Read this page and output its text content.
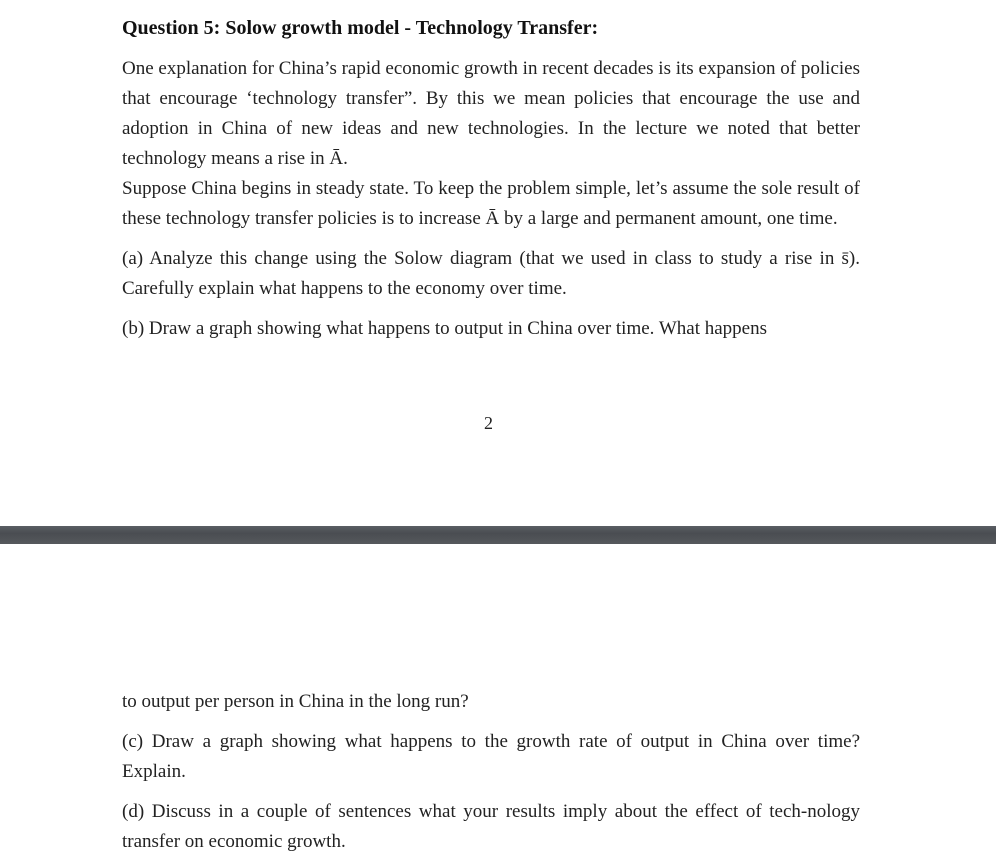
Question 5: Solow growth model - Technology Transfer:

One explanation for China’s rapid economic growth in recent decades is its expansion of policies that encourage ‘technology transfer”. By this we mean policies that encourage the use and adoption in China of new ideas and new technologies. In the lecture we noted that better technology means a rise in Ā.

Suppose China begins in steady state. To keep the problem simple, let’s assume the sole result of these technology transfer policies is to increase Ā by a large and permanent amount, one time.

(a) Analyze this change using the Solow diagram (that we used in class to study a rise in s̄). Carefully explain what happens to the economy over time.

(b) Draw a graph showing what happens to output in China over time. What happens

2

to output per person in China in the long run?

(c) Draw a graph showing what happens to the growth rate of output in China over time? Explain.

(d) Discuss in a couple of sentences what your results imply about the effect of tech-nology transfer on economic growth.
